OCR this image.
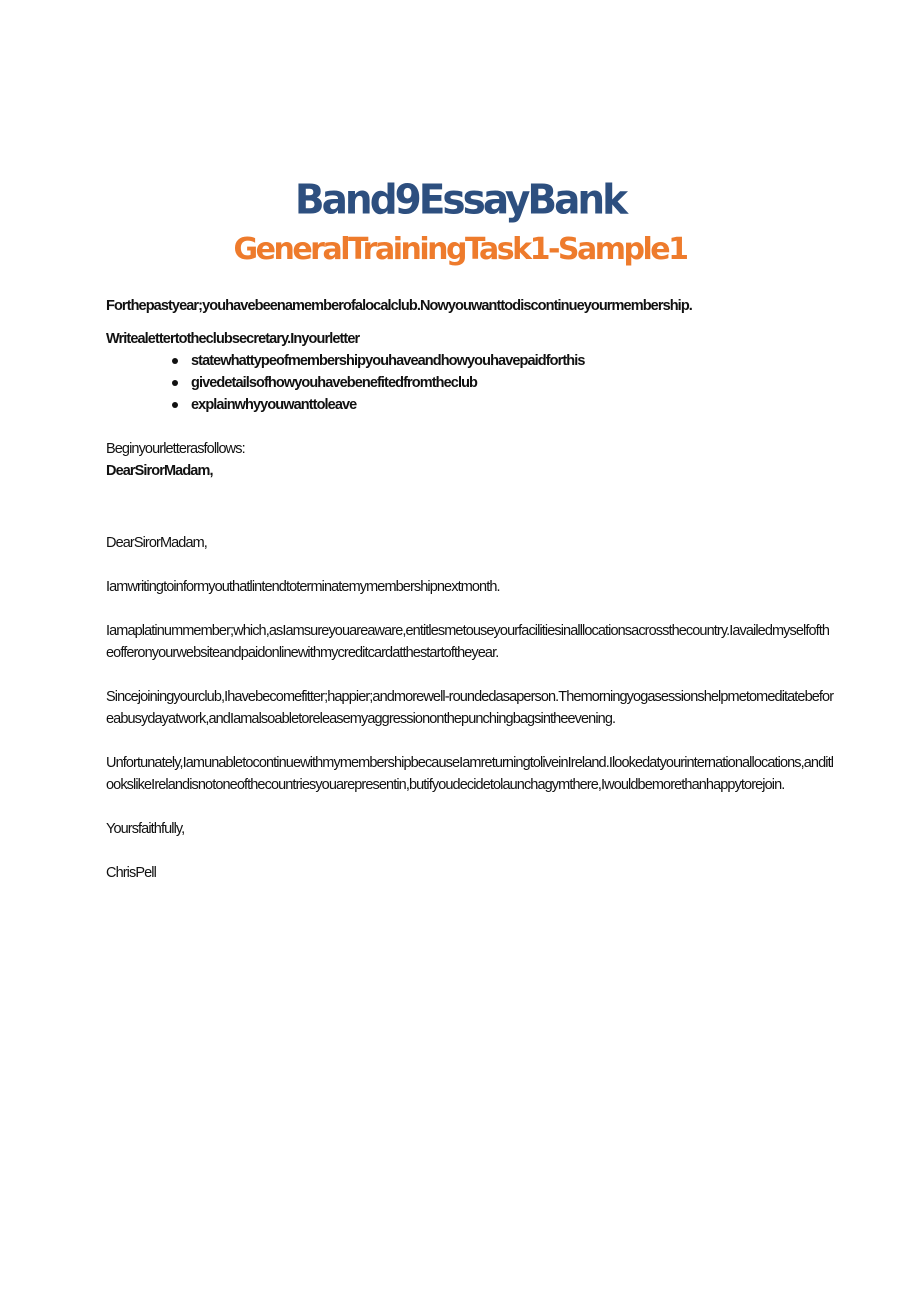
Band9EssayBank
GeneralTrainingTask1-Sample1

Forthepastyear;youhavebeenamemberofalocalclub.Nowyouwanttodiscontinueyourmembership.

Writealettertotheclubsecretary.Inyourletter

statewhattypeofmembershipyouhaveandhowyouhavepaidforthis
givedetailsofhowyouhavebenefitedfromtheclub
explainwhyyouwanttoleave

Beginyourletterasfollows:

DearSirorMadam,

DearSirorMadam,

Iamwritingtoinformyouthatlintendtoterminatemymembershipnextmonth.

Iamaplatinummember;which,asIamsureyouareaware,entitlesmetouseyourfacilitiesinalllocationsacrossthecountry.Iavailedmyselfoftheofferonyourwebsiteandpaidonlinewithmycreditcardatthestartoftheyear.

Sincejoiningyourclub,Ihavebecomefitter;happier;andmorewell-roundedasaperson.Themorningyogasessionshelpmetomeditatebeforeabusydayatwork,andIamalsoabletoreleasemyaggressiononthepunchingbagsintheevening.

Unfortunately,IamunabletocontinuewithmymembershipbecauseIamreturningtoliveinIreland.Ilookedatyourinternationallocations,anditlookslikeIrelandisnotoneofthecountriesyouarepresentin,butifyoudecidetolaunchagymthere,Iwouldbemorethanhappytorejoin.

Yoursfaithfully,

ChrisPell
